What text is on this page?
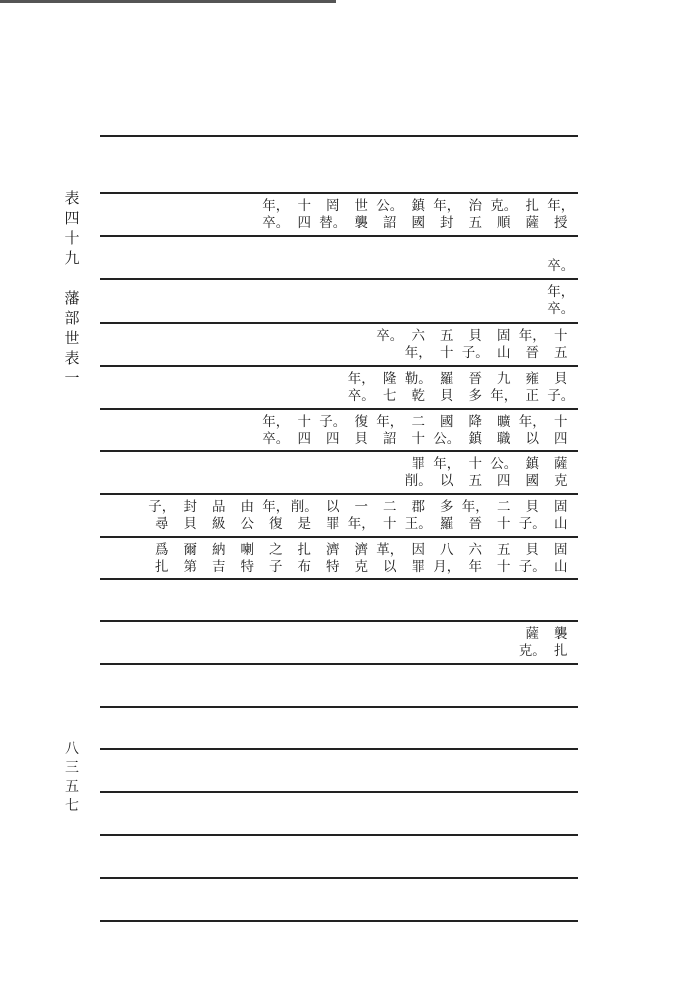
表
四
十
九
藩
部
世
表
一
八
三
五
七
年，
授
扎
薩
克。
順
治
五
年，
封
鎮
國
公。
詔
世
襲
罔
替。
十
四
年，
卒。

卒。
年，
卒。
十
五
年，
晉
固
山
貝
子。
五
十
六
年，
卒。

貝
子。
雍
正
九
年，
晉
多
羅
貝
勒。
乾
隆
七
年，
卒。
十
四
年，
以
曠
職
降
鎮
國
公。
二
十
年，
詔
復
貝
子。
四
十
四
年，
卒。
薩
克
鎮
國
公。
四
十
五
年，
以
罪
削。
固
山
貝
子。
二
十
年，
晉
多
羅
郡
王。
二
十
一
年，
以
罪
削。
是
年，
復
由
公
品
級
封
貝
子，
尋
固
山
貝
子。
五
十
六
年
八
月，
因
罪
革，
以
濟
克
濟
特
扎
布
之
子
喇
特
納
吉
爾
第
爲
扎
襲
扎
薩
克。
